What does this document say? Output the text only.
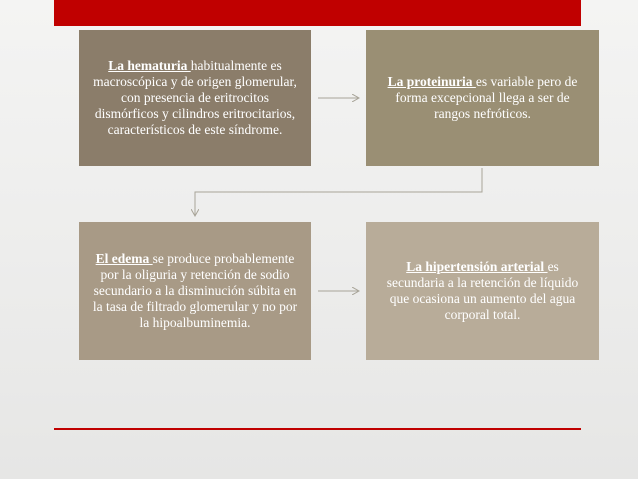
La hematuria habitualmente es macroscópica y de origen glomerular, con presencia de eritrocitos dismórficos y cilindros eritrocitarios, característicos de este síndrome.
La proteinuria es variable pero de forma excepcional llega a ser de rangos nefróticos.
El edema se produce probablemente por la oliguria y retención de sodio secundario a la disminución súbita en la tasa de filtrado glomerular y no por la hipoalbuminemia.
La hipertensión arterial es secundaria a la retención de líquido que ocasiona un aumento del agua corporal total.
